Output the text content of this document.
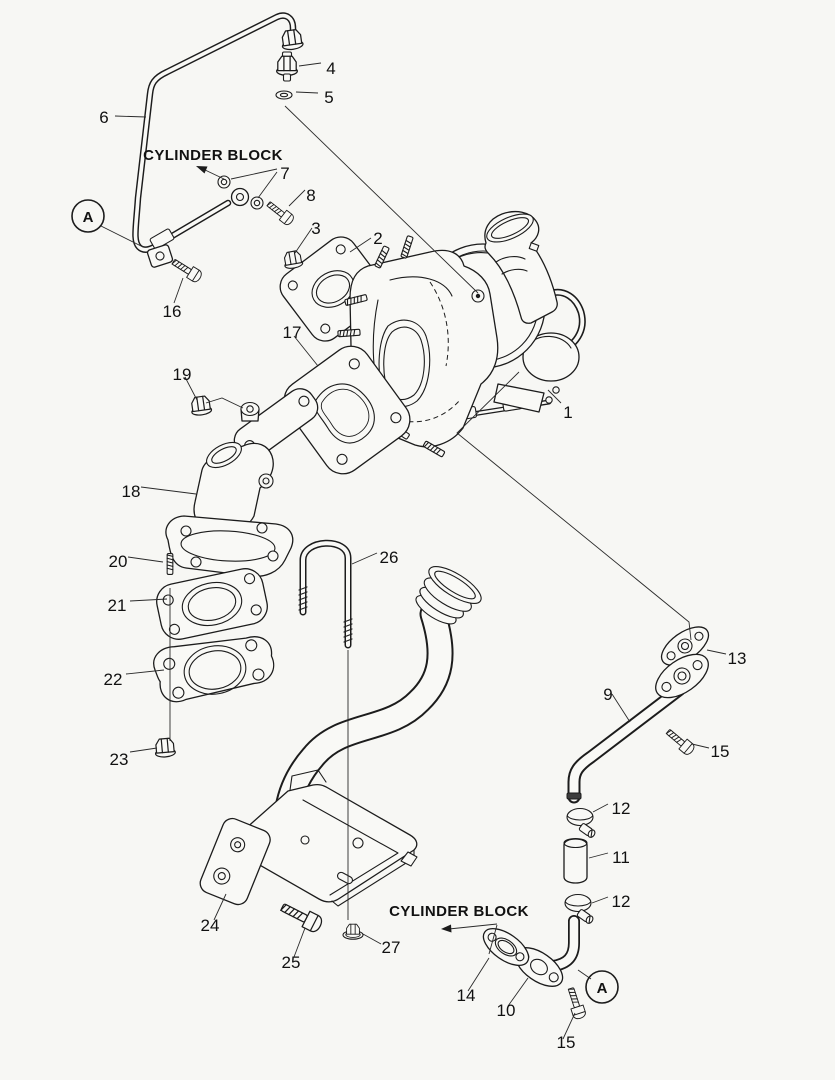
CYLINDER BLOCK
CYLINDER BLOCK
A
A
1
2
3
4
5
6
7
8
9
10
11
12
12
13
14
15
15
16
17
18
19
20
21
22
23
24
25
26
27
